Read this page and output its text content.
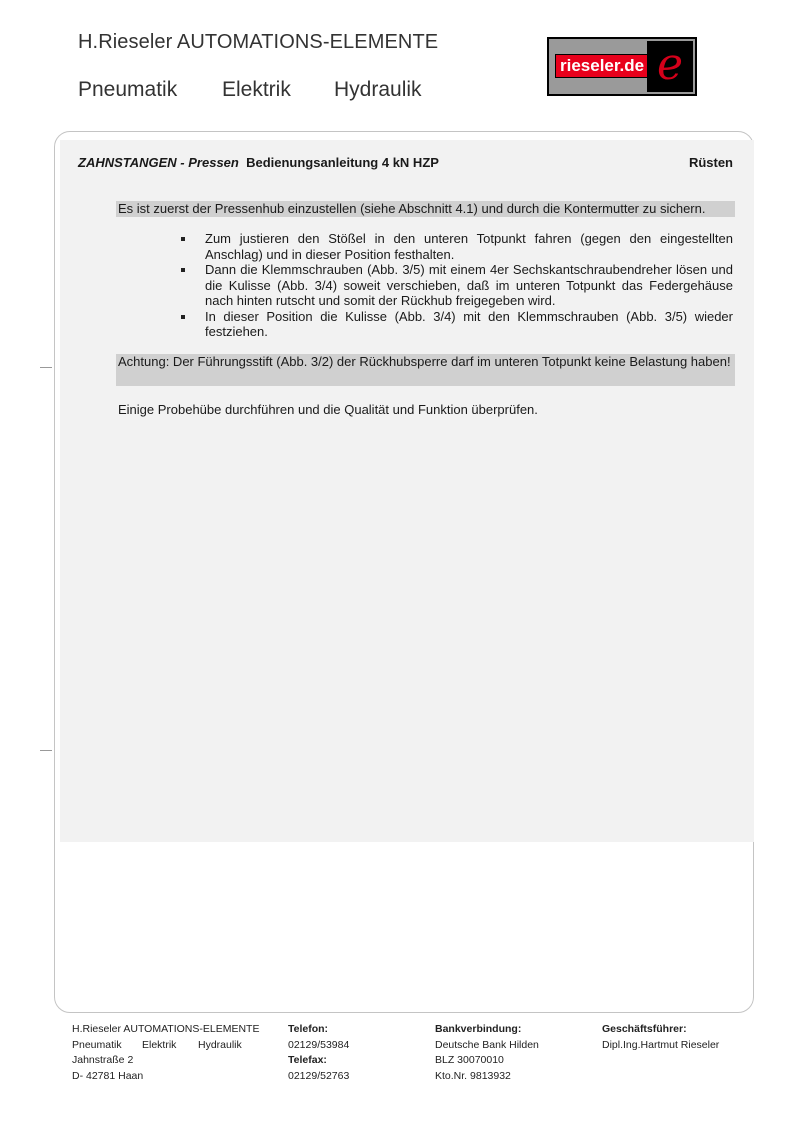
H.Rieseler AUTOMATIONS-ELEMENTE
Pneumatik Elektrik Hydraulik
rieseler.de e
ZAHNSTANGEN - Pressen Bedienungsanleitung 4 kN HZP	Rüsten
Es ist zuerst der Pressenhub einzustellen (siehe Abschnitt 4.1) und durch die Kontermutter zu sichern.
Zum justieren den Stößel in den unteren Totpunkt fahren (gegen den eingestellten Anschlag) und in dieser Position festhalten.
Dann die Klemmschrauben (Abb. 3/5) mit einem 4er Sechskantschraubendreher lösen und die Kulisse (Abb. 3/4) soweit verschieben, daß im unteren Totpunkt das Federgehäuse nach hinten rutscht und somit der Rückhub freigegeben wird.
In dieser Position die Kulisse (Abb. 3/4) mit den Klemmschrauben (Abb. 3/5) wieder festziehen.
Achtung: Der Führungsstift (Abb. 3/2) der Rückhubsperre darf im unteren Totpunkt keine Belastung haben!
Einige Probehübe durchführen und die Qualität und Funktion überprüfen.
H.Rieseler AUTOMATIONS-ELEMENTE
Pneumatik Elektrik Hydraulik
Jahnstraße 2
D- 42781 Haan
Telefon:
02129/53984
Telefax:
02129/52763
Bankverbindung:
Deutsche Bank Hilden
BLZ 30070010
Kto.Nr. 9813932
Geschäftsführer:
Dipl.Ing.Hartmut Rieseler
